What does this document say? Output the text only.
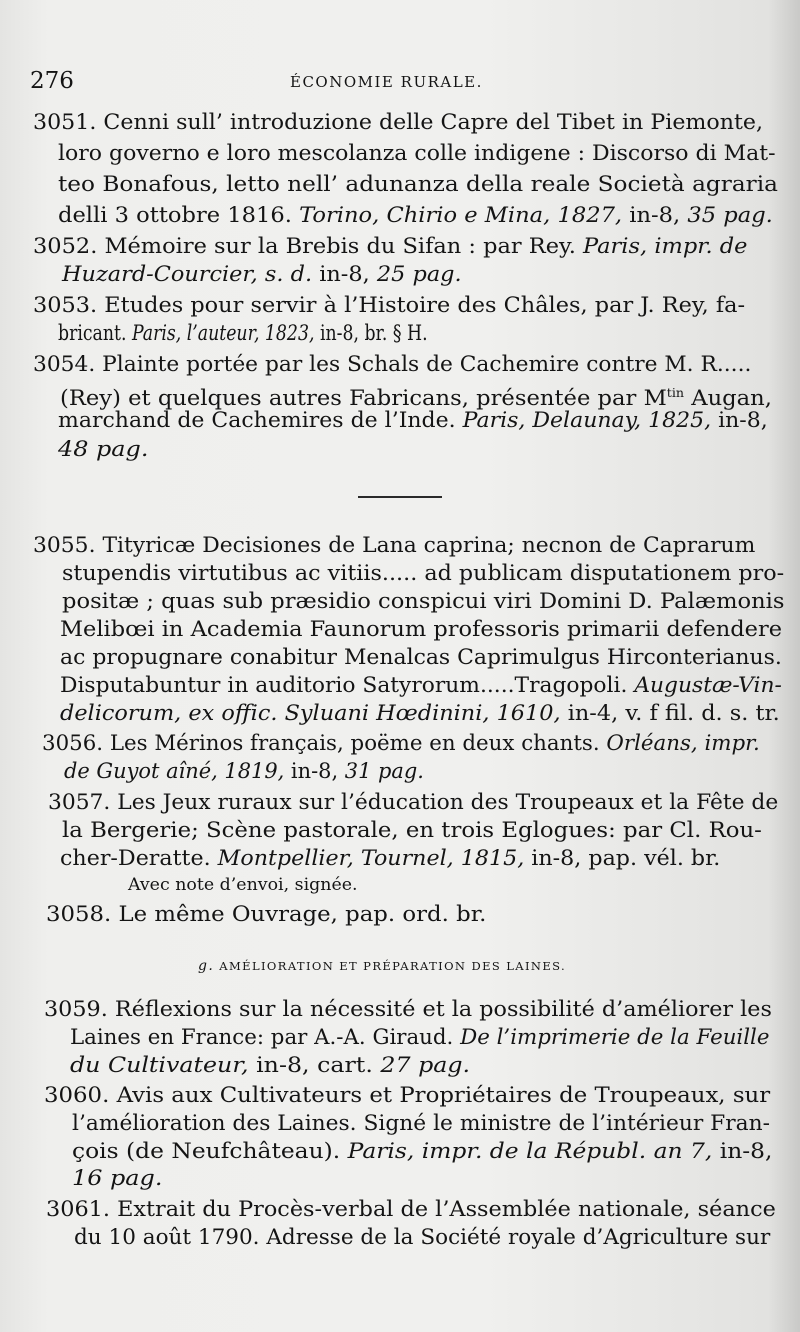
276	ÉCONOMIE RURALE.
3051. Cenni sull’ introduzione delle Capre del Tibet in Piemonte,
loro governo e loro mescolanza colle indigene : Discorso di Mat-
teo Bonafous, letto nell’ adunanza della reale Società agraria
delli 3 ottobre 1816. Torino, Chirio e Mina, 1827, in-8, 35 pag.
3052. Mémoire sur la Brebis du Sifan : par Rey. Paris, impr. de
Huzard-Courcier, s. d. in-8, 25 pag.
3053. Etudes pour servir à l’Histoire des Châles, par J. Rey, fa-
bricant. Paris, l’auteur, 1823, in-8, br. § H.
3054. Plainte portée par les Schals de Cachemire contre M. R.....
(Rey) et quelques autres Fabricans, présentée par $M^{tin}$ Augan,
marchand de Cachemires de l’Inde. Paris, Delaunay, 1825, in-8,
48 pag.
3055. Tityricæ Decisiones de Lana caprina; necnon de Caprarum
stupendis virtutibus ac vitiis..... ad publicam disputationem pro-
positæ ; quas sub præsidio conspicui viri Domini D. Palæmonis
Melibœi in Academia Faunorum professoris primarii defendere
ac propugnare conabitur Menalcas Caprimulgus Hirconterianus.
Disputabuntur in auditorio Satyrorum.....Tragopoli. Augustæ-Vin-
delicorum, ex offic. Syluani Hœdinini, 1610, in-4, v. f fil. d. s. tr.
3056. Les Mérinos français, poëme en deux chants. Orléans, impr.
de Guyot aîné, 1819, in-8, 31 pag.
3057. Les Jeux ruraux sur l’éducation des Troupeaux et la Fête de
la Bergerie; Scène pastorale, en trois Eglogues: par Cl. Rou-
cher-Deratte. Montpellier, Tournel, 1815, in-8, pap. vél. br.
Avec note d’envoi, signée.
3058. Le même Ouvrage, pap. ord. br.
3059. Réflexions sur la nécessité et la possibilité d’améliorer les
Laines en France: par A.-A. Giraud. De l’imprimerie de la Feuille
du Cultivateur, in-8, cart. 27 pag.
3060. Avis aux Cultivateurs et Propriétaires de Troupeaux, sur
l’amélioration des Laines. Signé le ministre de l’intérieur Fran-
çois (de Neufchâteau). Paris, impr. de la Républ. an 7, in-8,
16 pag.
3061. Extrait du Procès-verbal de l’Assemblée nationale, séance
du 10 août 1790. Adresse de la Société royale d’Agriculture sur
g. AMÉLIORATION ET PRÉPARATION DES LAINES.
